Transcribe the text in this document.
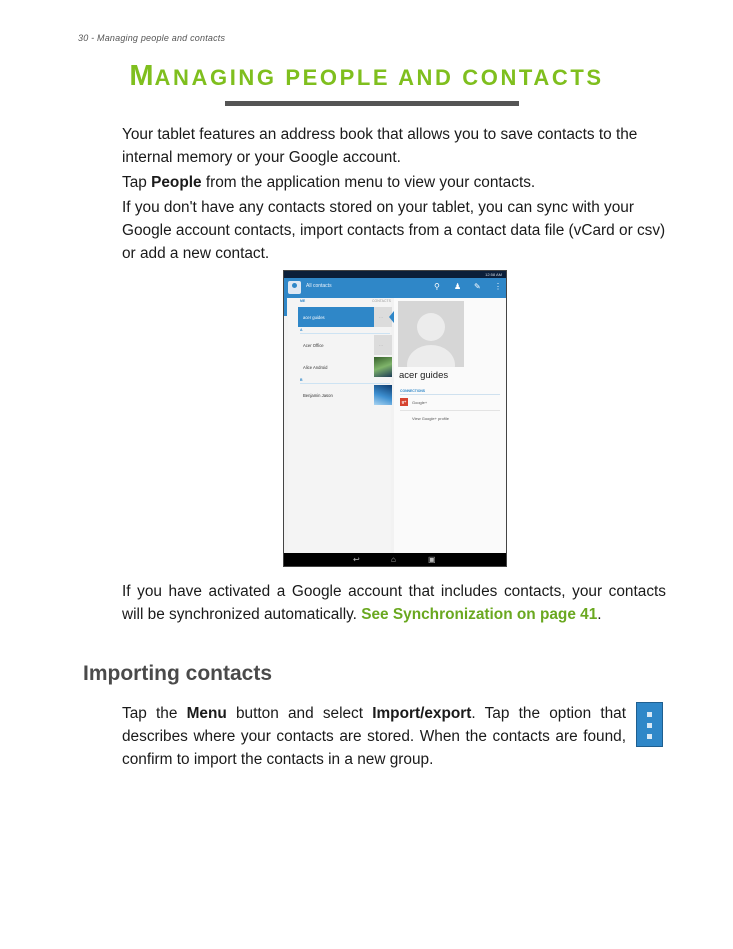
30 - Managing people and contacts
MANAGING PEOPLE AND CONTACTS

Your tablet features an address book that allows you to save contacts to the internal memory or your Google account.

Tap People from the application menu to view your contacts.

If you don't have any contacts stored on your tablet, you can sync with your Google account contacts, import contacts from a contact data file (vCard or csv) or add a new contact.

12:58 AM
All contacts	⚲ ♟ ✎ ⋮
ME	CONTACTS
acer guides	···
A
Acer Office	···
Alice Android
B
Benjamin Jason
acer guides
CONNECTIONS
g+	Google+
View Google+ profile
↩	⌂	▣

If you have activated a Google account that includes contacts, your contacts will be synchronized automatically. See Synchronization on page 41.

Importing contacts

Tap the Menu button and select Import/export. Tap the option that describes where your contacts are stored. When the contacts are found, confirm to import the contacts in a new group.
